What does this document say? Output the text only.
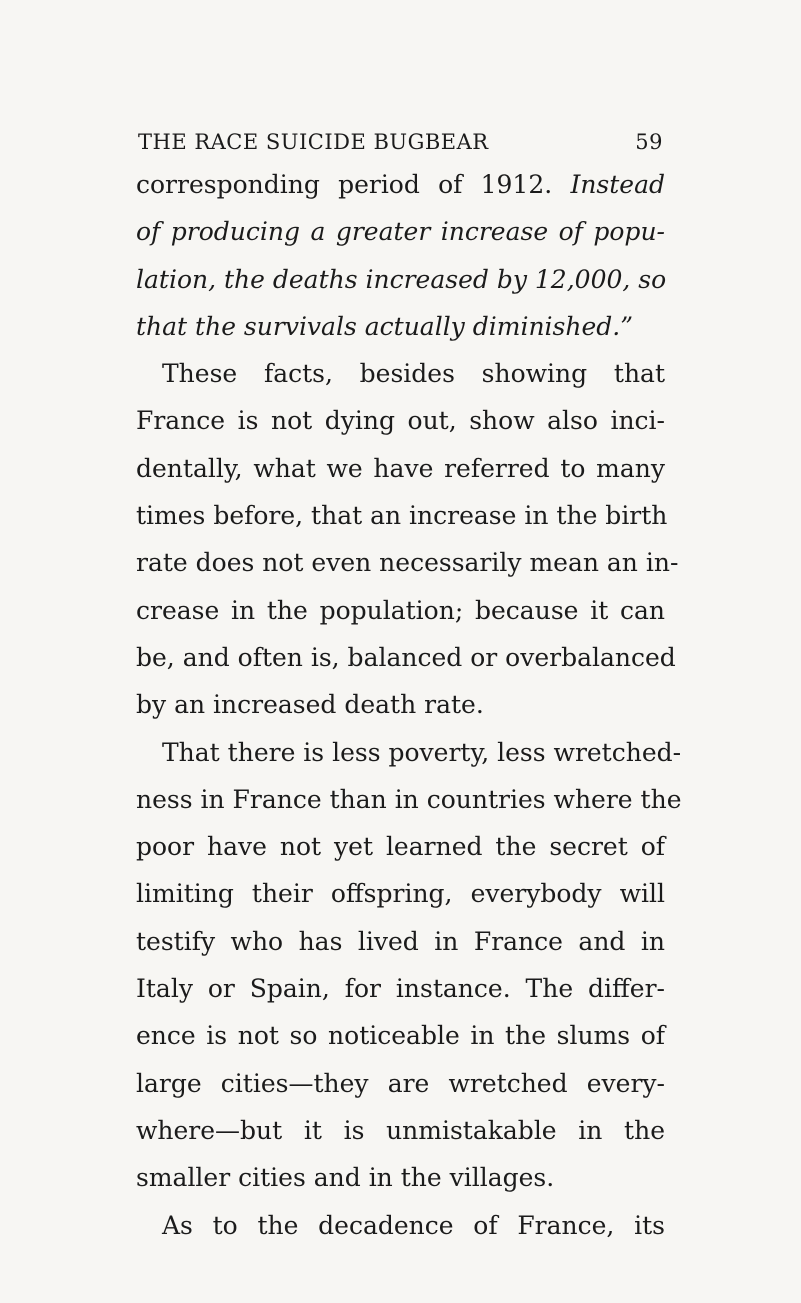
THE RACE SUICIDE BUGBEAR	59
corresponding period of 1912. Instead
of producing a greater increase of popu-
lation, the deaths increased by 12,000, so
that the survivals actually diminished.”
These facts, besides showing that
France is not dying out, show also inci-
dentally, what we have referred to many
times before, that an increase in the birth
rate does not even necessarily mean an in-
crease in the population; because it can
be, and often is, balanced or overbalanced
by an increased death rate.
That there is less poverty, less wretched-
ness in France than in countries where the
poor have not yet learned the secret of
limiting their offspring, everybody will
testify who has lived in France and in
Italy or Spain, for instance. The differ-
ence is not so noticeable in the slums of
large cities—they are wretched every-
where—but it is unmistakable in the
smaller cities and in the villages.
As to the decadence of France, its
